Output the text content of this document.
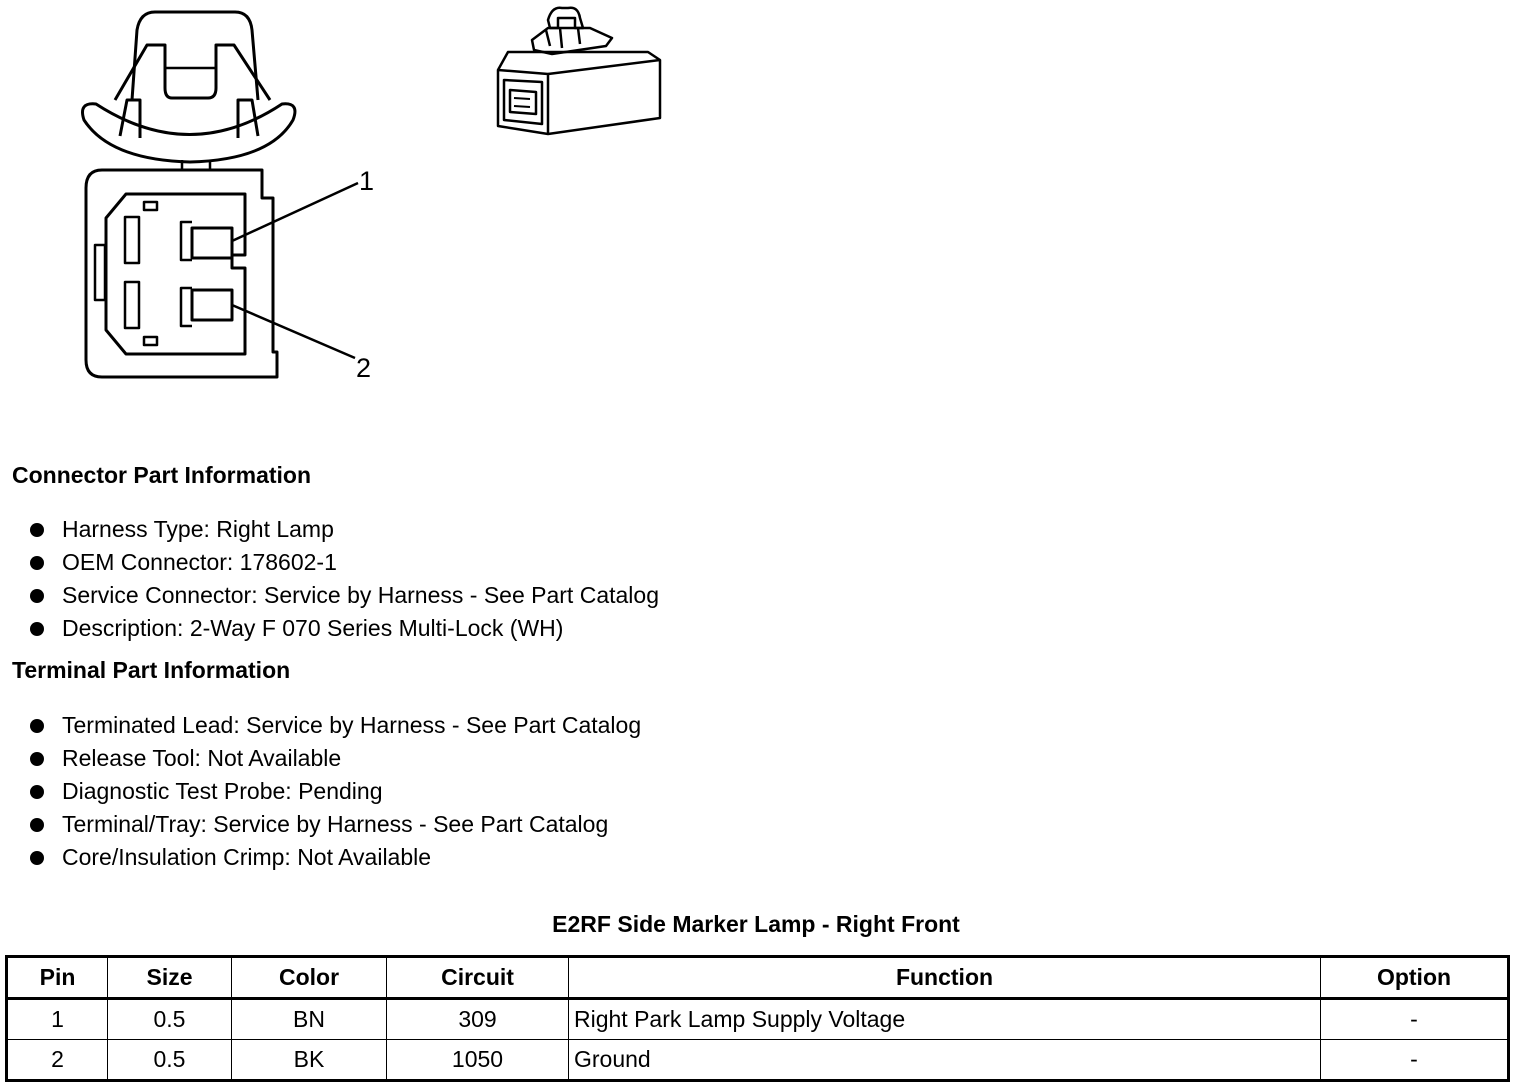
1
2
Connector Part Information
Harness Type: Right Lamp
OEM Connector: 178602-1
Service Connector: Service by Harness - See Part Catalog
Description: 2-Way F 070 Series Multi-Lock (WH)
Terminal Part Information
Terminated Lead: Service by Harness - See Part Catalog
Release Tool: Not Available
Diagnostic Test Probe: Pending
Terminal/Tray: Service by Harness - See Part Catalog
Core/Insulation Crimp: Not Available
E2RF Side Marker Lamp - Right Front
Pin	Size	Color	Circuit	Function	Option
1	0.5	BN	309	Right Park Lamp Supply Voltage	-
2	0.5	BK	1050	Ground	-
